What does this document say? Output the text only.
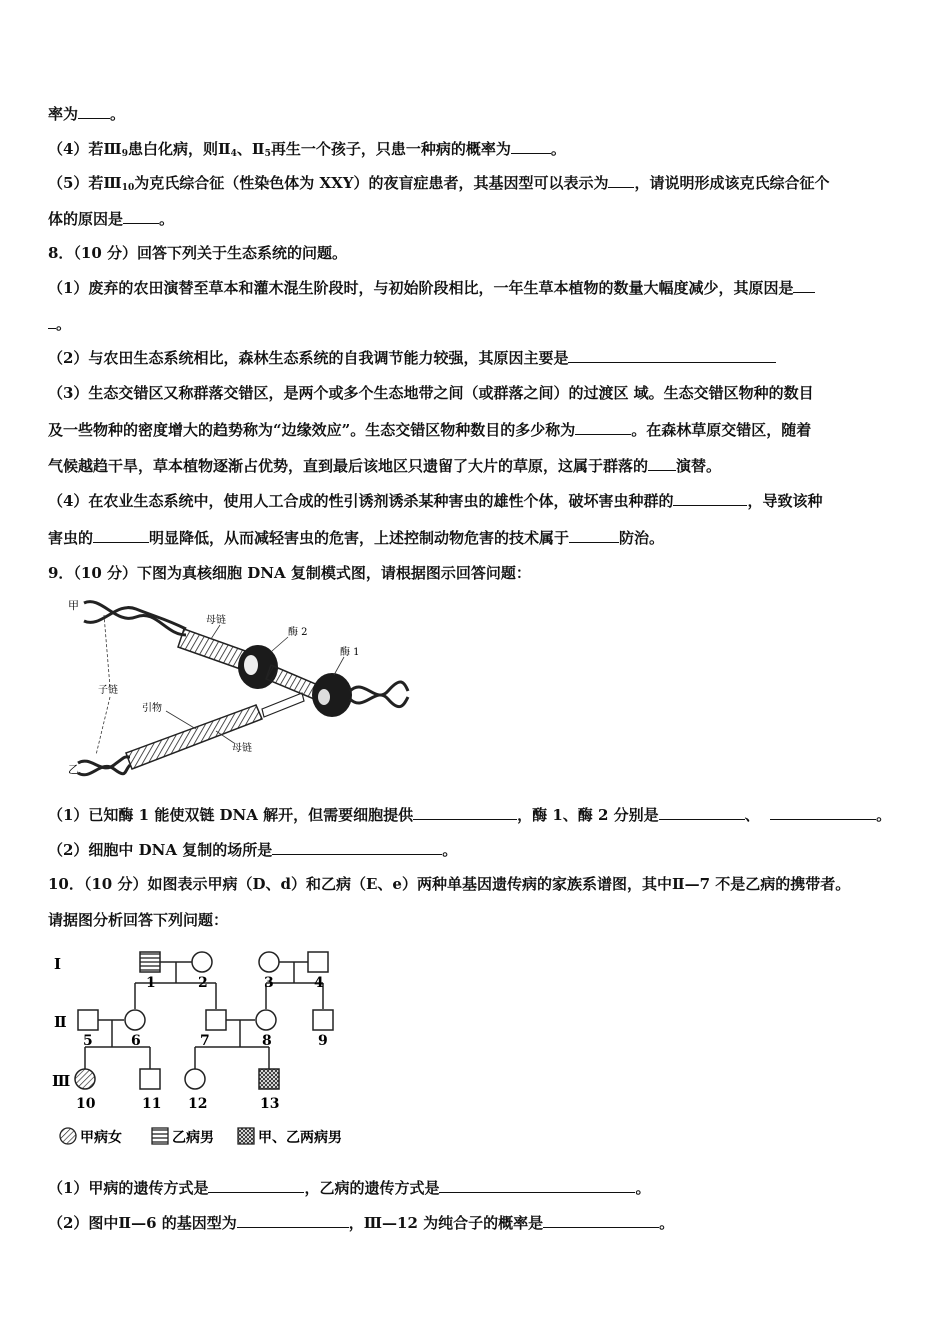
率为 。
（4）若$Ⅲ_9$患白化病，则$Ⅱ_4$、$Ⅱ_5$再生一个孩子，只患一种病的概率为	。
（5）若$Ⅲ_{10}$为克氏综合征（性染色体为 XXY）的夜盲症患者，其基因型可以表示为 ，请说明形成该克氏综合征个
体的原因是 。
8．（10 分）回答下列关于生态系统的问题。
（1）废弃的农田演替至草本和灌木混生阶段时，与初始阶段相比，一年生草本植物的数量大幅度减少，其原因是
。
（2）与农田生态系统相比，森林生态系统的自我调节能力较强，其原因主要是
（3）生态交错区又称群落交错区，是两个或多个生态地带之间（或群落之间）的过渡区 域。生态交错区物种的数目
及一些物种的密度增大的趋势称为“边缘效应”。生态交错区物种数目的多少称为	。在森林草原交错区，随着
气候越趋干旱，草本植物逐渐占优势，直到最后该地区只遗留了大片的草原，这属于群落的 演替。
（4）在农业生态系统中，使用人工合成的性引诱剂诱杀某种害虫的雄性个体，破坏害虫种群的	，导致该种
害虫的	明显降低，从而减轻害虫的危害，上述控制动物危害的技术属于	防治。
9．（10 分）下图为真核细胞 DNA 复制模式图，请根据图示回答问题：
甲
乙
母链
酶 2
酶 1
子链
引物
母链
（1）已知酶 1 能使双链 DNA 解开，但需要细胞提供	，酶 1、酶 2 分别是	、	。
（2）细胞中 DNA 复制的场所是	。
10．（10 分）如图表示甲病（D、d）和乙病（E、e）两种单基因遗传病的家族系谱图，其中Ⅱ—7 不是乙病的携带者。
请据图分析回答下列问题：
Ⅰ
Ⅱ
Ⅲ
1	2	3	4
5	6	7	8	9
10	11 12	13
甲病女	乙病男	甲、乙两病男
（1）甲病的遗传方式是	，乙病的遗传方式是	。
（2）图中Ⅱ—6 的基因型为	，Ⅲ—12 为纯合子的概率是	。
